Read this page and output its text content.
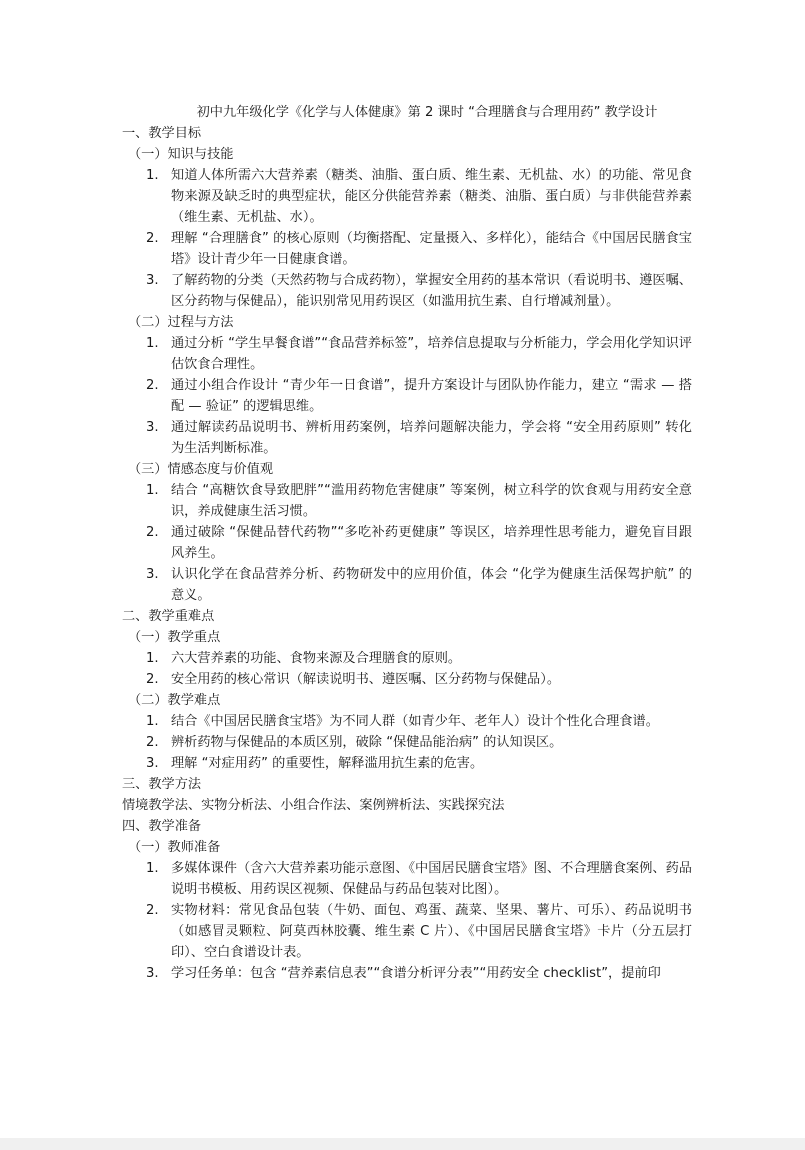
初中九年级化学《化学与人体健康》第 2 课时 “合理膳食与合理用药” 教学设计

一、教学目标

（一）知识与技能

1. 知道人体所需六大营养素（糖类、油脂、蛋白质、维生素、无机盐、水）的功能、常见食物来源及缺乏时的典型症状，能区分供能营养素（糖类、油脂、蛋白质）与非供能营养素（维生素、无机盐、水）。
2. 理解 “合理膳食” 的核心原则（均衡搭配、定量摄入、多样化），能结合《中国居民膳食宝塔》设计青少年一日健康食谱。
3. 了解药物的分类（天然药物与合成药物），掌握安全用药的基本常识（看说明书、遵医嘱、区分药物与保健品），能识别常见用药误区（如滥用抗生素、自行增减剂量）。

（二）过程与方法

1. 通过分析 “学生早餐食谱”“食品营养标签”，培养信息提取与分析能力，学会用化学知识评估饮食合理性。
2. 通过小组合作设计 “青少年一日食谱”，提升方案设计与团队协作能力，建立 “需求 — 搭配 — 验证” 的逻辑思维。
3. 通过解读药品说明书、辨析用药案例，培养问题解决能力，学会将 “安全用药原则” 转化为生活判断标准。

（三）情感态度与价值观

1. 结合 “高糖饮食导致肥胖”“滥用药物危害健康” 等案例，树立科学的饮食观与用药安全意识，养成健康生活习惯。
2. 通过破除 “保健品替代药物”“多吃补药更健康” 等误区，培养理性思考能力，避免盲目跟风养生。
3. 认识化学在食品营养分析、药物研发中的应用价值，体会 “化学为健康生活保驾护航” 的意义。

二、教学重难点

（一）教学重点

1. 六大营养素的功能、食物来源及合理膳食的原则。
2. 安全用药的核心常识（解读说明书、遵医嘱、区分药物与保健品）。

（二）教学难点

1. 结合《中国居民膳食宝塔》为不同人群（如青少年、老年人）设计个性化合理食谱。
2. 辨析药物与保健品的本质区别，破除 “保健品能治病” 的认知误区。
3. 理解 “对症用药” 的重要性，解释滥用抗生素的危害。

三、教学方法

情境教学法、实物分析法、小组合作法、案例辨析法、实践探究法

四、教学准备

（一）教师准备

1. 多媒体课件（含六大营养素功能示意图、《中国居民膳食宝塔》图、不合理膳食案例、药品说明书模板、用药误区视频、保健品与药品包装对比图）。
2. 实物材料：常见食品包装（牛奶、面包、鸡蛋、蔬菜、坚果、薯片、可乐）、药品说明书（如感冒灵颗粒、阿莫西林胶囊、维生素 C 片）、《中国居民膳食宝塔》卡片（分五层打印）、空白食谱设计表。
3. 学习任务单：包含 “营养素信息表”“食谱分析评分表”“用药安全 checklist”，提前印
